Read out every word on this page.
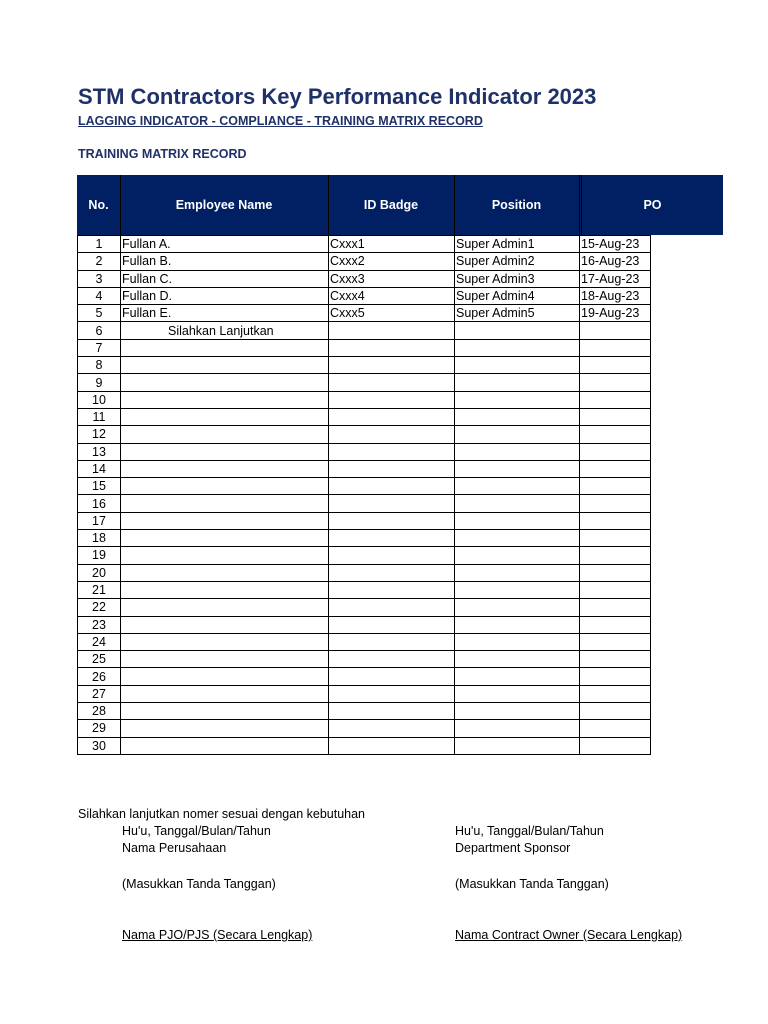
STM Contractors Key Performance Indicator 2023
LAGGING INDICATOR - COMPLIANCE - TRAINING MATRIX RECORD
TRAINING MATRIX RECORD
No.	Employee Name	ID Badge	Position	PO
1	Fullan A.	Cxxx1	Super Admin1	15-Aug-23
2	Fullan B.	Cxxx2	Super Admin2	16-Aug-23
3	Fullan C.	Cxxx3	Super Admin3	17-Aug-23
4	Fullan D.	Cxxx4	Super Admin4	18-Aug-23
5	Fullan E.	Cxxx5	Super Admin5	19-Aug-23
6	Silahkan Lanjutkan			
7				
8				
9				
10				
11				
12				
13				
14				
15				
16				
17				
18				
19				
20				
21				
22				
23				
24				
25				
26				
27				
28				
29				
30				
Silahkan lanjutkan nomer sesuai dengan kebutuhan
Hu'u, Tanggal/Bulan/Tahun
Nama Perusahaan
(Masukkan Tanda Tanggan)
Nama PJO/PJS (Secara Lengkap)
Hu'u, Tanggal/Bulan/Tahun
Department Sponsor
(Masukkan Tanda Tanggan)
Nama Contract Owner (Secara Lengkap)
